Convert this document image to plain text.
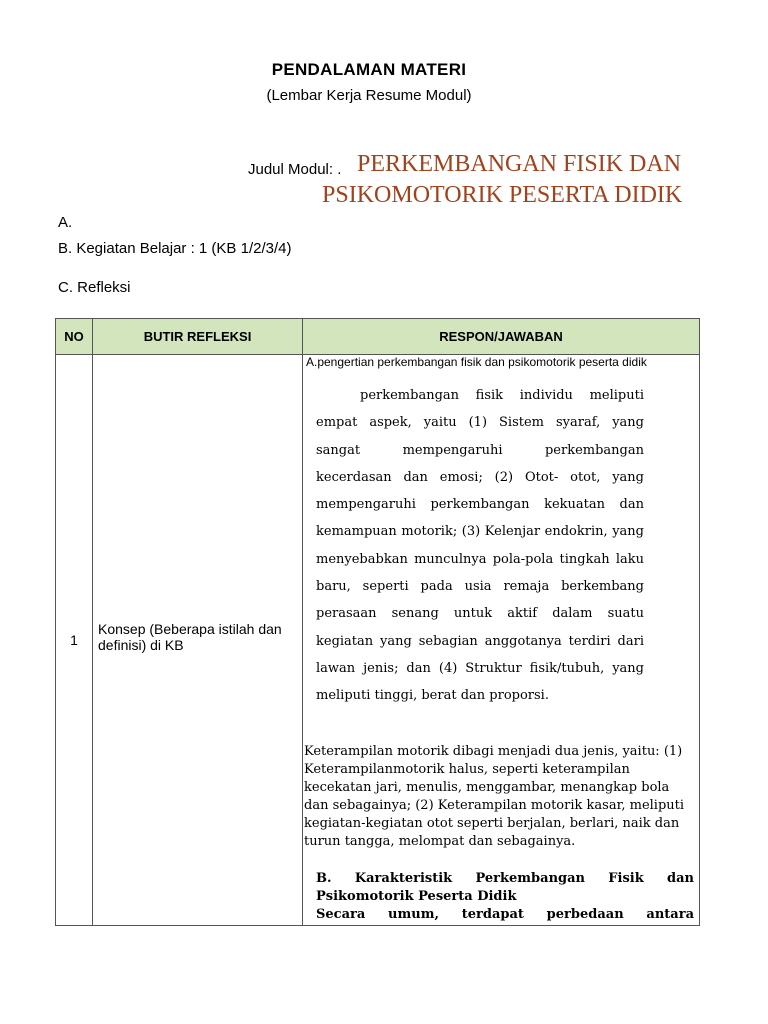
PENDALAMAN MATERI
(Lembar Kerja Resume Modul)
Judul Modul: . PERKEMBANGAN FISIK DAN
PSIKOMOTORIK PESERTA DIDIK
A.
B. Kegiatan Belajar : 1 (KB 1/2/3/4)
C. Refleksi
NO	BUTIR REFLEKSI	RESPON/JAWABAN
1
Konsep (Beberapa istilah dan definisi) di KB
A.pengertian perkembangan fisik dan psikomotorik peserta didik
perkembangan fisik individu meliputi empat aspek, yaitu (1) Sistem syaraf, yang sangat mempengaruhi perkembangan kecerdasan dan emosi; (2) Otot- otot, yang mempengaruhi perkembangan kekuatan dan kemampuan motorik; (3) Kelenjar endokrin, yang menyebabkan munculnya pola-pola tingkah laku baru, seperti pada usia remaja berkembang perasaan senang untuk aktif dalam suatu kegiatan yang sebagian anggotanya terdiri dari lawan jenis; dan (4) Struktur fisik/tubuh, yang meliputi tinggi, berat dan proporsi.
Keterampilan motorik dibagi menjadi dua jenis, yaitu: (1) Keterampilanmotorik halus, seperti keterampilan kecekatan jari, menulis, menggambar, menangkap bola dan sebagainya; (2) Keterampilan motorik kasar, meliputi kegiatan-kegiatan otot seperti berjalan, berlari, naik dan turun tangga, melompat dan sebagainya.
B. Karakteristik Perkembangan Fisik dan Psikomotorik Peserta Didik
Secara umum, terdapat perbedaan antara
